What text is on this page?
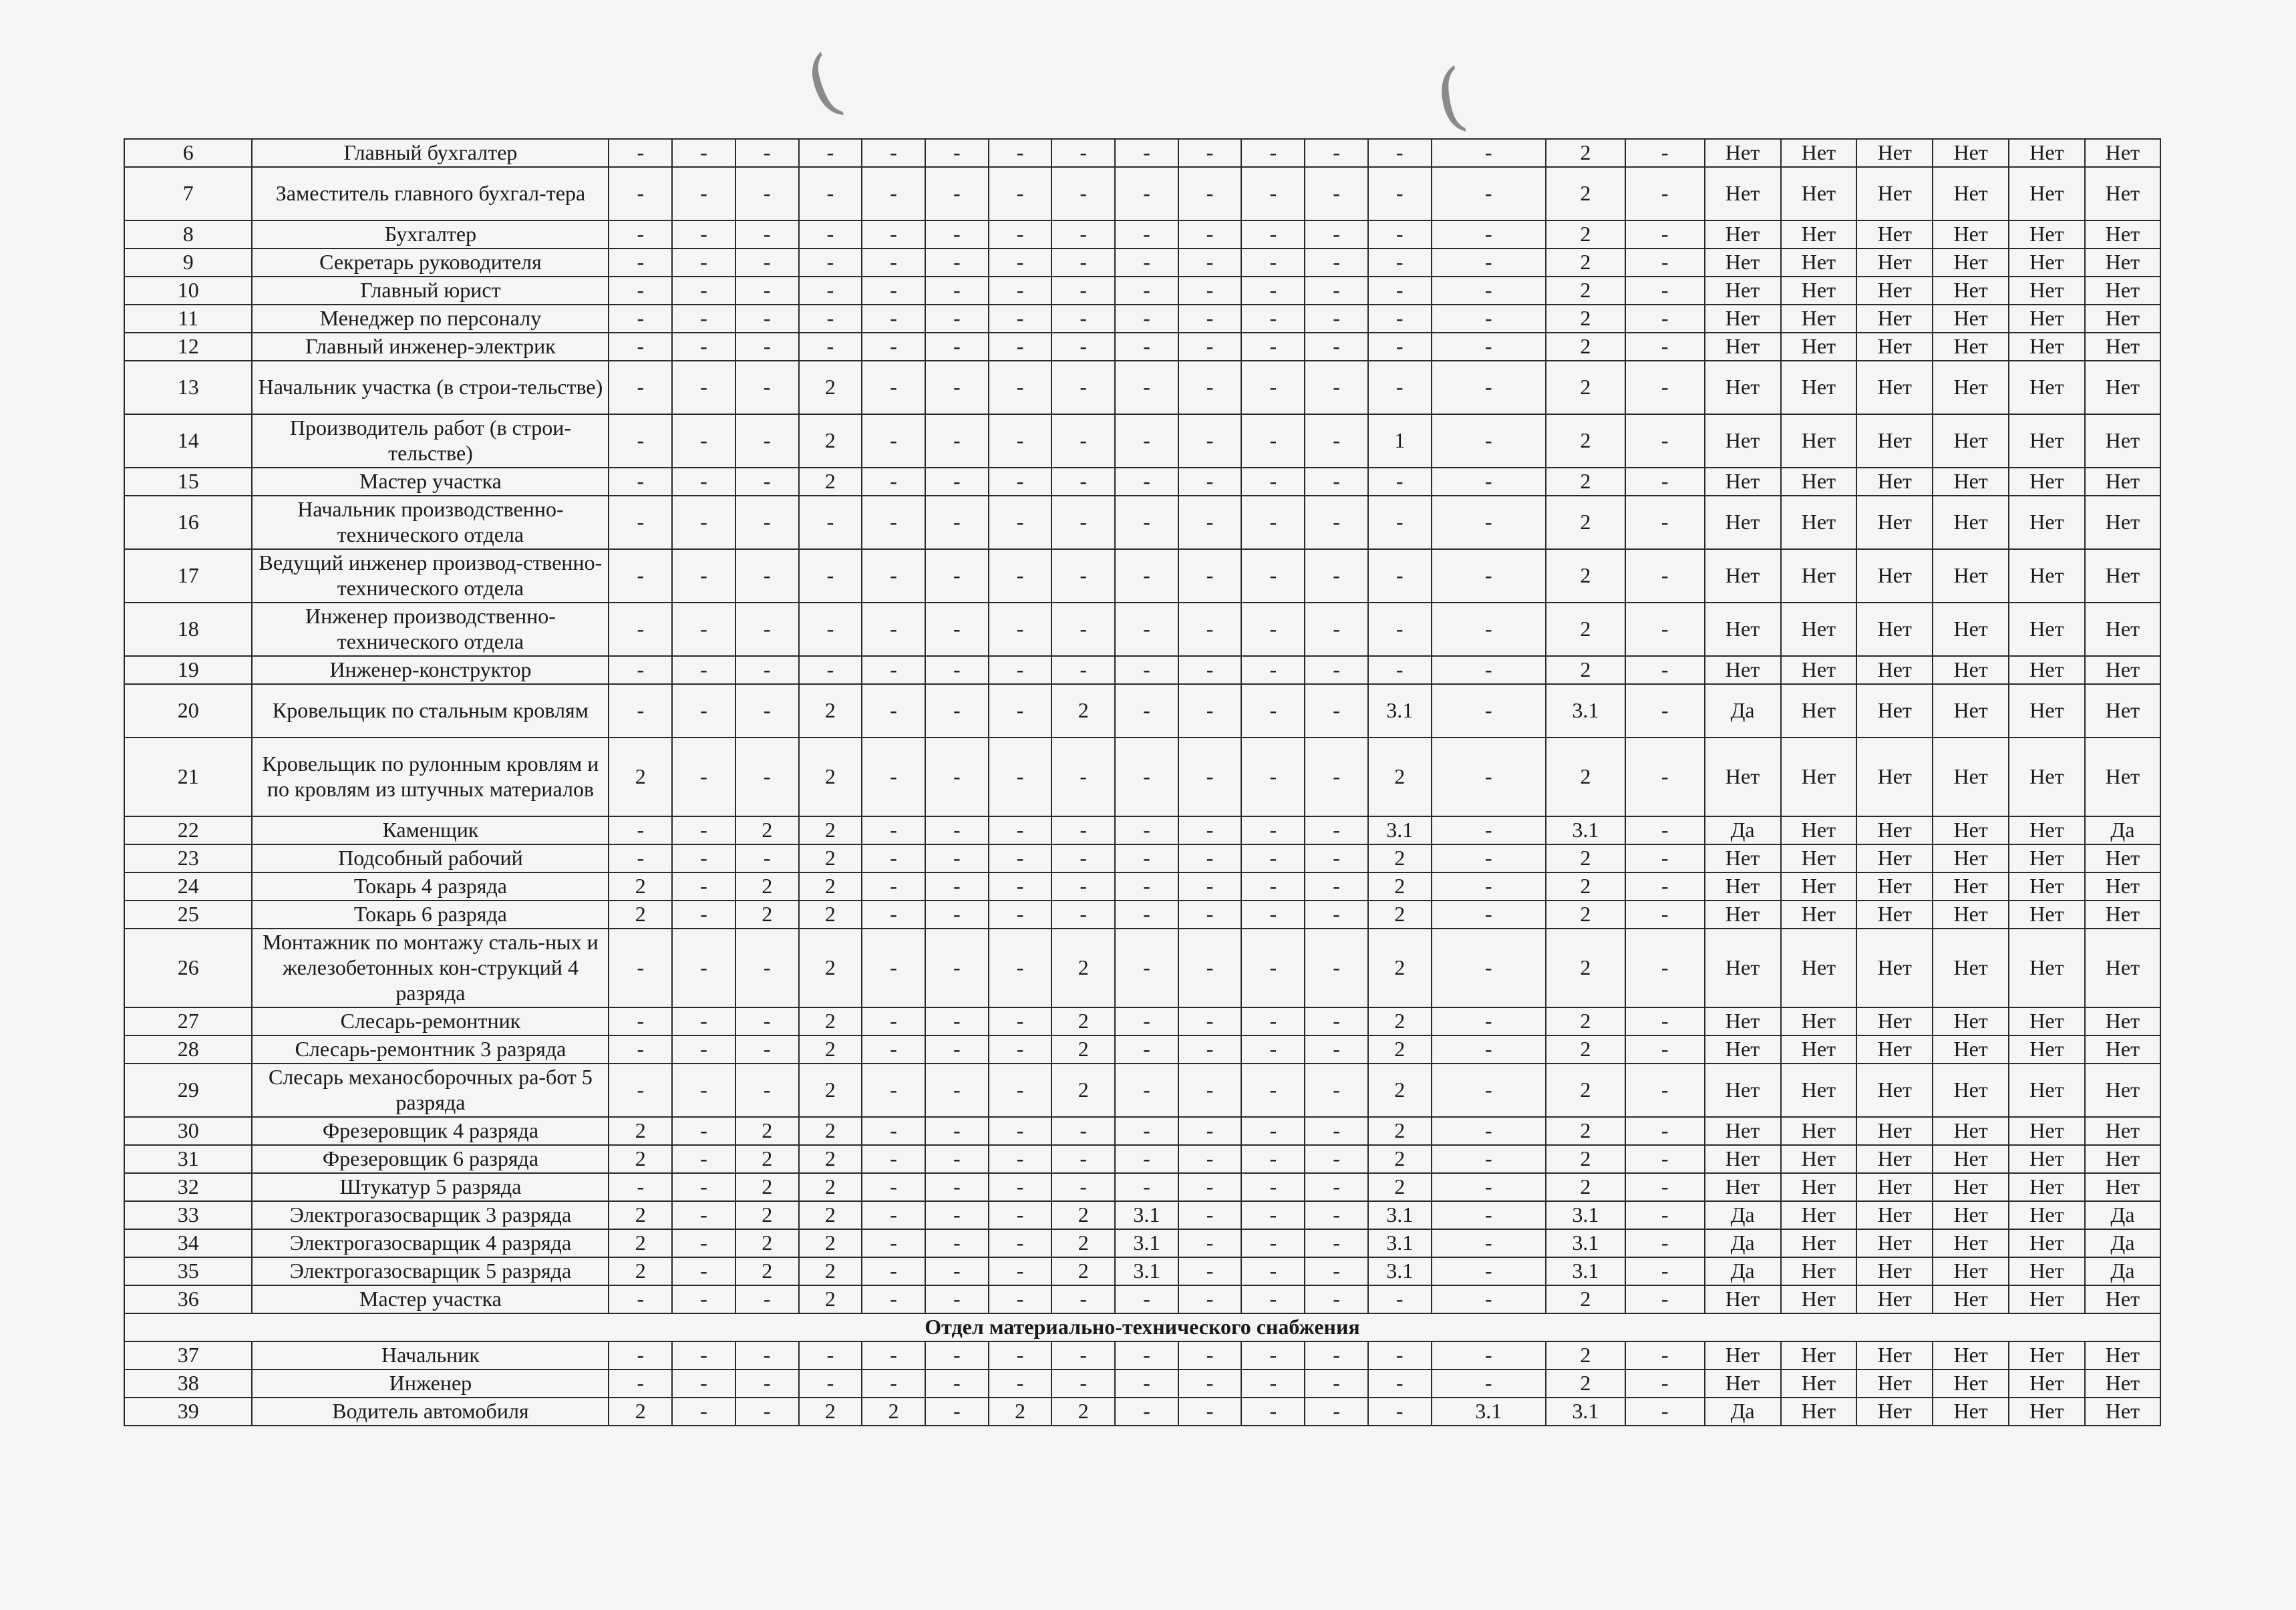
(	(
6	Главный бухгалтер	-	-	-	-	-	-	-	-	-	-	-	-	-	-	2	-	Нет	Нет	Нет	Нет	Нет	Нет
7	Заместитель главного бухгал-тера	-	-	-	-	-	-	-	-	-	-	-	-	-	-	2	-	Нет	Нет	Нет	Нет	Нет	Нет
8	Бухгалтер	-	-	-	-	-	-	-	-	-	-	-	-	-	-	2	-	Нет	Нет	Нет	Нет	Нет	Нет
9	Секретарь руководителя	-	-	-	-	-	-	-	-	-	-	-	-	-	-	2	-	Нет	Нет	Нет	Нет	Нет	Нет
10	Главный юрист	-	-	-	-	-	-	-	-	-	-	-	-	-	-	2	-	Нет	Нет	Нет	Нет	Нет	Нет
11	Менеджер по персоналу	-	-	-	-	-	-	-	-	-	-	-	-	-	-	2	-	Нет	Нет	Нет	Нет	Нет	Нет
12	Главный инженер-электрик	-	-	-	-	-	-	-	-	-	-	-	-	-	-	2	-	Нет	Нет	Нет	Нет	Нет	Нет
13	Начальник участка (в строи-тельстве)	-	-	-	2	-	-	-	-	-	-	-	-	-	-	2	-	Нет	Нет	Нет	Нет	Нет	Нет
14	Производитель работ (в строи-тельстве)	-	-	-	2	-	-	-	-	-	-	-	-	1	-	2	-	Нет	Нет	Нет	Нет	Нет	Нет
15	Мастер участка	-	-	-	2	-	-	-	-	-	-	-	-	-	-	2	-	Нет	Нет	Нет	Нет	Нет	Нет
16	Начальник производственно-технического отдела	-	-	-	-	-	-	-	-	-	-	-	-	-	-	2	-	Нет	Нет	Нет	Нет	Нет	Нет
17	Ведущий инженер производ-ственно-технического отдела	-	-	-	-	-	-	-	-	-	-	-	-	-	-	2	-	Нет	Нет	Нет	Нет	Нет	Нет
18	Инженер производственно-технического отдела	-	-	-	-	-	-	-	-	-	-	-	-	-	-	2	-	Нет	Нет	Нет	Нет	Нет	Нет
19	Инженер-конструктор	-	-	-	-	-	-	-	-	-	-	-	-	-	-	2	-	Нет	Нет	Нет	Нет	Нет	Нет
20	Кровельщик по стальным кровлям	-	-	-	2	-	-	-	2	-	-	-	-	3.1	-	3.1	-	Да	Нет	Нет	Нет	Нет	Нет
21	Кровельщик по рулонным кровлям и по кровлям из штучных материалов	2	-	-	2	-	-	-	-	-	-	-	-	2	-	2	-	Нет	Нет	Нет	Нет	Нет	Нет
22	Каменщик	-	-	2	2	-	-	-	-	-	-	-	-	3.1	-	3.1	-	Да	Нет	Нет	Нет	Нет	Да
23	Подсобный рабочий	-	-	-	2	-	-	-	-	-	-	-	-	2	-	2	-	Нет	Нет	Нет	Нет	Нет	Нет
24	Токарь 4 разряда	2	-	2	2	-	-	-	-	-	-	-	-	2	-	2	-	Нет	Нет	Нет	Нет	Нет	Нет
25	Токарь 6 разряда	2	-	2	2	-	-	-	-	-	-	-	-	2	-	2	-	Нет	Нет	Нет	Нет	Нет	Нет
26	Монтажник по монтажу сталь-ных и железобетонных кон-струкций 4 разряда	-	-	-	2	-	-	-	2	-	-	-	-	2	-	2	-	Нет	Нет	Нет	Нет	Нет	Нет
27	Слесарь-ремонтник	-	-	-	2	-	-	-	2	-	-	-	-	2	-	2	-	Нет	Нет	Нет	Нет	Нет	Нет
28	Слесарь-ремонтник 3 разряда	-	-	-	2	-	-	-	2	-	-	-	-	2	-	2	-	Нет	Нет	Нет	Нет	Нет	Нет
29	Слесарь механосборочных ра-бот 5 разряда	-	-	-	2	-	-	-	2	-	-	-	-	2	-	2	-	Нет	Нет	Нет	Нет	Нет	Нет
30	Фрезеровщик 4 разряда	2	-	2	2	-	-	-	-	-	-	-	-	2	-	2	-	Нет	Нет	Нет	Нет	Нет	Нет
31	Фрезеровщик 6 разряда	2	-	2	2	-	-	-	-	-	-	-	-	2	-	2	-	Нет	Нет	Нет	Нет	Нет	Нет
32	Штукатур 5 разряда	-	-	2	2	-	-	-	-	-	-	-	-	2	-	2	-	Нет	Нет	Нет	Нет	Нет	Нет
33	Электрогазосварщик 3 разряда	2	-	2	2	-	-	-	2	3.1	-	-	-	3.1	-	3.1	-	Да	Нет	Нет	Нет	Нет	Да
34	Электрогазосварщик 4 разряда	2	-	2	2	-	-	-	2	3.1	-	-	-	3.1	-	3.1	-	Да	Нет	Нет	Нет	Нет	Да
35	Электрогазосварщик 5 разряда	2	-	2	2	-	-	-	2	3.1	-	-	-	3.1	-	3.1	-	Да	Нет	Нет	Нет	Нет	Да
36	Мастер участка	-	-	-	2	-	-	-	-	-	-	-	-	-	-	2	-	Нет	Нет	Нет	Нет	Нет	Нет
Отдел материально-технического снабжения																							
37	Начальник	-	-	-	-	-	-	-	-	-	-	-	-	-	-	2	-	Нет	Нет	Нет	Нет	Нет	Нет
38	Инженер	-	-	-	-	-	-	-	-	-	-	-	-	-	-	2	-	Нет	Нет	Нет	Нет	Нет	Нет
39	Водитель автомобиля	2	-	-	2	2	-	2	2	-	-	-	-	-	3.1	3.1	-	Да	Нет	Нет	Нет	Нет	Нет
